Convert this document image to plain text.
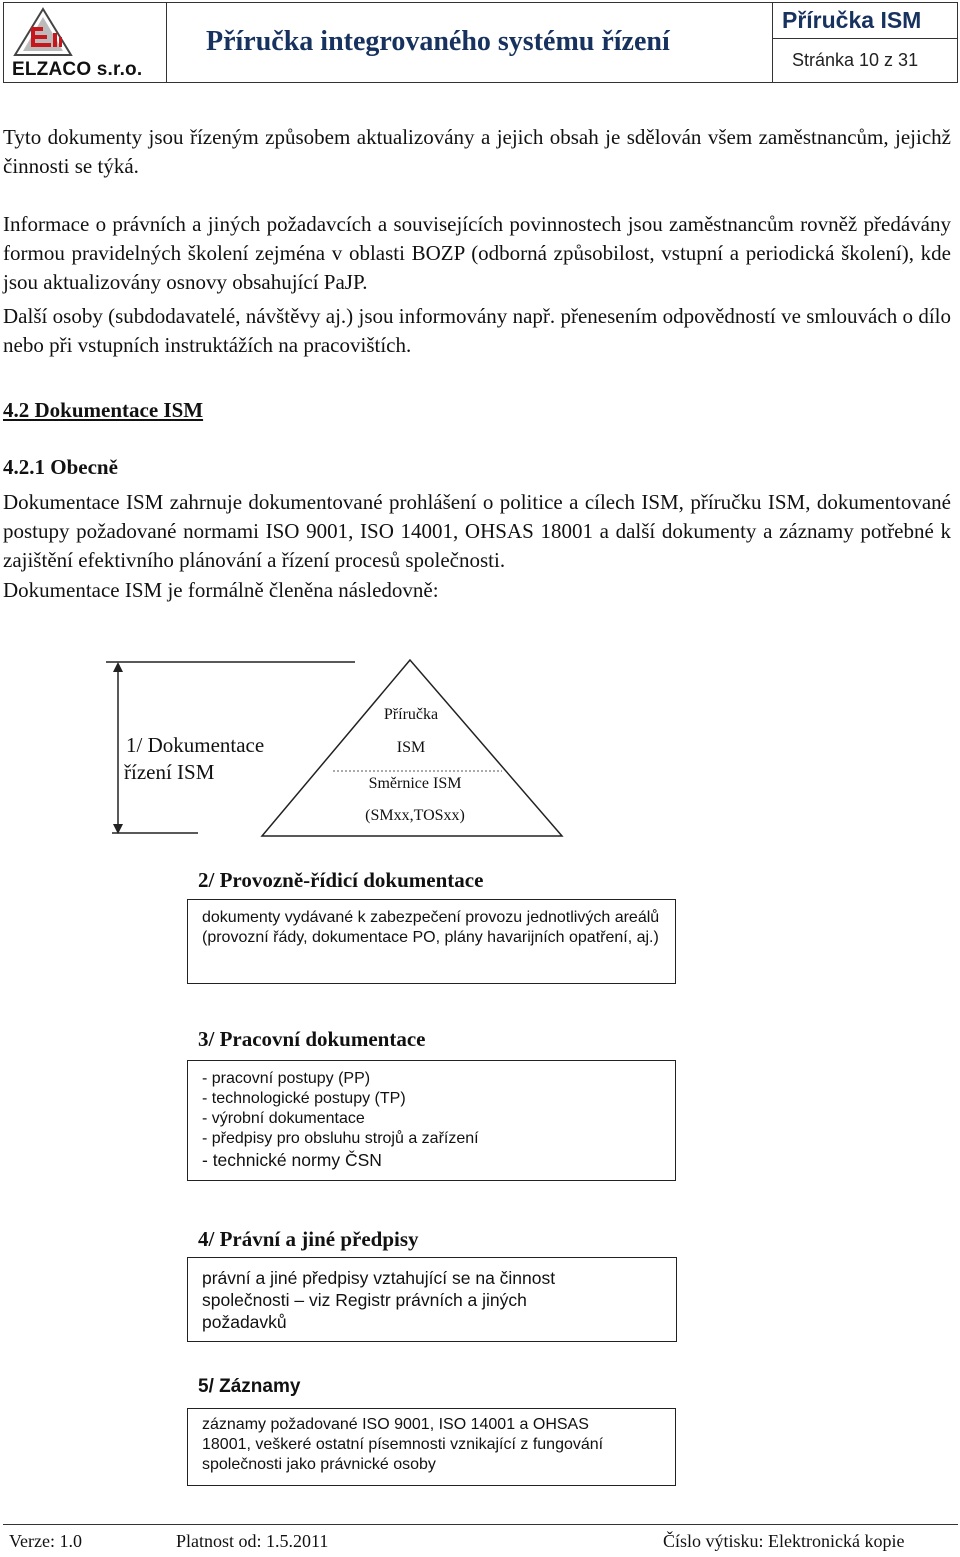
ELZACO s.r.o.
Příručka integrovaného systému řízení
Příručka ISM
Stránka 10 z 31
Tyto dokumenty jsou řízeným způsobem aktualizovány a jejich obsah je sdělován všem zaměstnancům, jejichž činnosti se týká.
Informace o právních a jiných požadavcích a souvisejících povinnostech jsou zaměstnancům rovněž předávány formou pravidelných školení zejména v oblasti BOZP (odborná způsobilost, vstupní a periodická školení), kde jsou aktualizovány osnovy obsahující PaJP.
Další osoby (subdodavatelé, návštěvy aj.) jsou informovány např. přenesením odpovědností ve smlouvách o dílo nebo při vstupních instruktážích na pracovištích.
4.2 Dokumentace ISM
4.2.1 Obecně
Dokumentace ISM zahrnuje dokumentované prohlášení o politice a cílech ISM, příručku ISM, dokumentované postupy požadované normami ISO 9001, ISO 14001, OHSAS 18001 a další dokumenty a záznamy potřebné k zajištění efektivního plánování a řízení procesů společnosti.
Dokumentace ISM je formálně členěna následovně:
1/ Dokumentace
řízení ISM
Příručka
ISM
Směrnice ISM
(SMxx,TOSxx)
2/ Provozně-řídicí dokumentace
dokumenty vydávané k zabezpečení provozu jednotlivých areálů (provozní řády, dokumentace PO, plány havarijních opatření, aj.)
3/ Pracovní dokumentace
- pracovní postupy (PP)
- technologické postupy (TP)
- výrobní dokumentace
- předpisy pro obsluhu strojů a zařízení
- technické normy ČSN
4/ Právní a jiné předpisy
právní a jiné předpisy vztahující se na činnost společnosti – viz Registr právních a jiných požadavků
5/ Záznamy
záznamy požadované ISO 9001, ISO 14001 a OHSAS 18001, veškeré ostatní písemnosti vznikající z fungování společnosti jako právnické osoby
Verze: 1.0	Platnost od: 1.5.2011	Číslo výtisku: Elektronická kopie
